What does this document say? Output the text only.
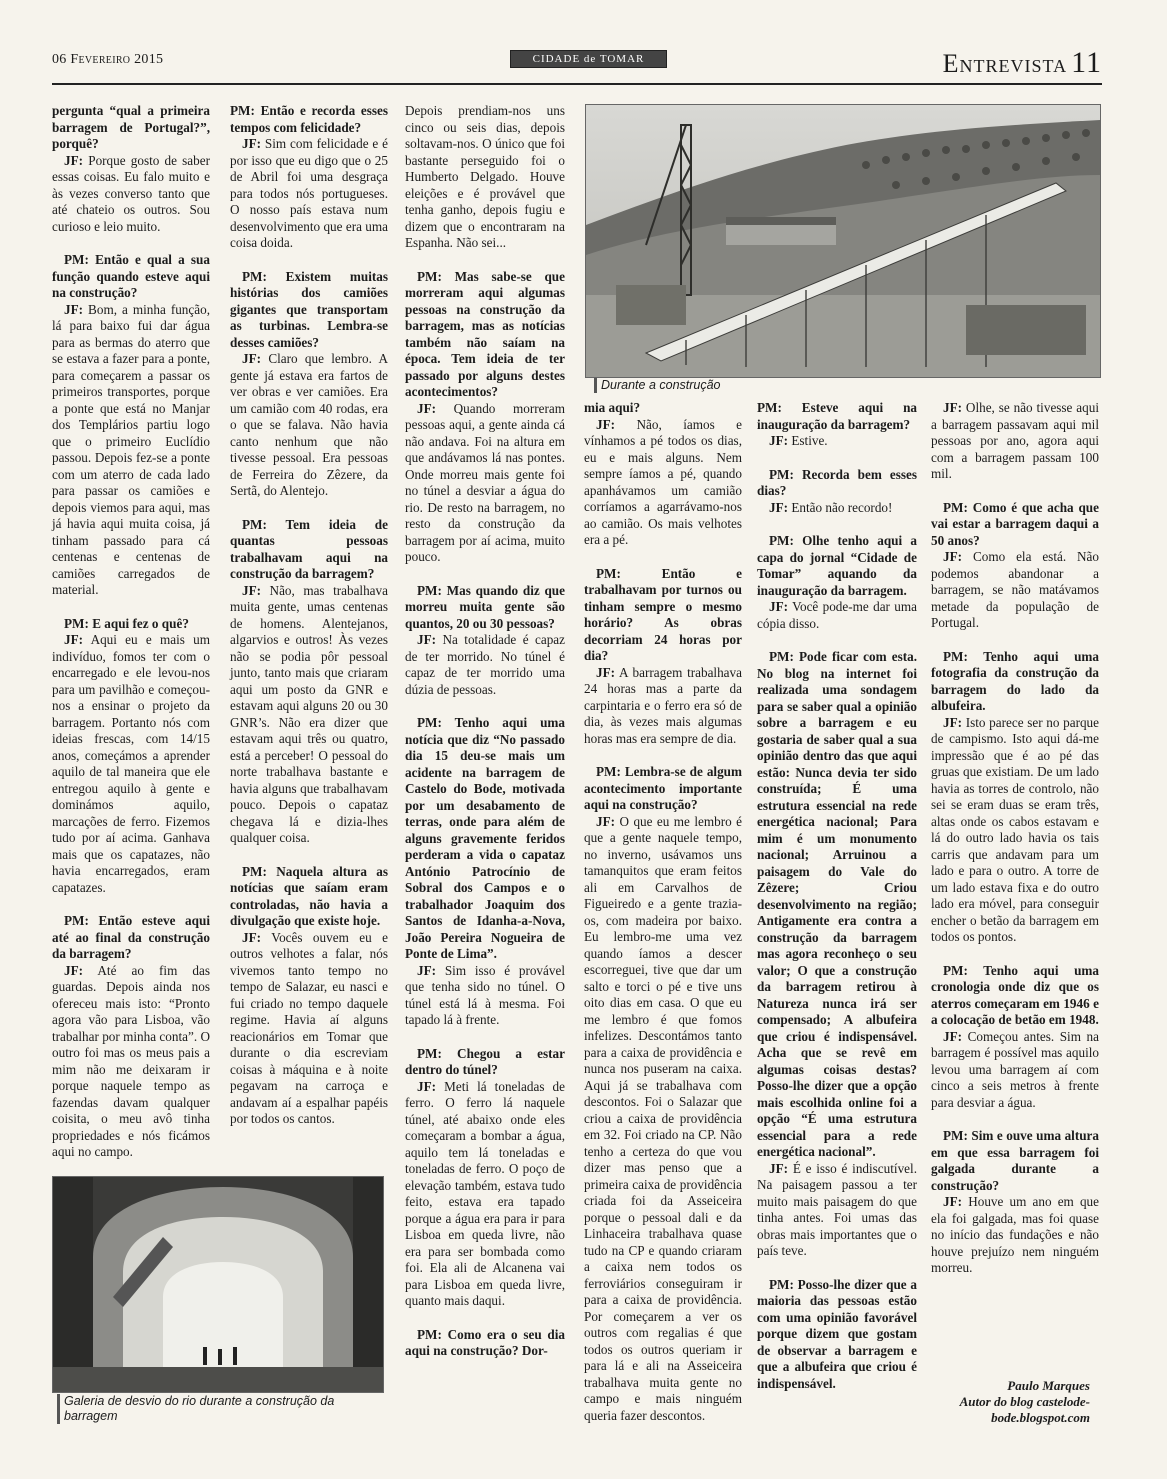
06 Fevereiro 2015	CIDADE de TOMAR	Entrevista 11

pergunta “qual a primeira barragem de Portugal?”, porquê?

JF: Porque gosto de saber essas coisas. Eu falo muito e às vezes converso tanto que até chateio os outros. Sou curioso e leio muito.

PM: Então e qual a sua função quando esteve aqui na construção?

JF: Bom, a minha função, lá para baixo fui dar água para as bermas do aterro que se estava a fazer para a ponte, para começarem a passar os primeiros transportes, porque a ponte que está no Manjar dos Templários partiu logo que o primeiro Euclídio passou. Depois fez-se a ponte com um aterro de cada lado para passar os camiões e depois viemos para aqui, mas já havia aqui muita coisa, já tinham passado para cá centenas e centenas de camiões carregados de material.

PM: E aqui fez o quê?

JF: Aqui eu e mais um indivíduo, fomos ter com o encarregado e ele levou-nos para um pavilhão e começou-nos a ensinar o projeto da barragem. Portanto nós com ideias frescas, com 14/15 anos, começámos a aprender aquilo de tal maneira que ele entregou aquilo à gente e dominámos aquilo, marcações de ferro. Fizemos tudo por aí acima. Ganhava mais que os capatazes, não havia encarregados, eram capatazes.

PM: Então esteve aqui até ao final da construção da barragem?

JF: Até ao fim das guardas. Depois ainda nos ofereceu mais isto: “Pronto agora vão para Lisboa, vão trabalhar por minha conta”. O outro foi mas os meus pais a mim não me deixaram ir porque naquele tempo as fazendas davam qualquer coisita, o meu avô tinha propriedades e nós ficámos aqui no campo.

PM: Então e recorda esses tempos com felicidade?

JF: Sim com felicidade e é por isso que eu digo que o 25 de Abril foi uma desgraça para todos nós portugueses. O nosso país estava num desenvolvimento que era uma coisa doida.

PM: Existem muitas histórias dos camiões gigantes que transportam as turbinas. Lembra-se desses camiões?

JF: Claro que lembro. A gente já estava era fartos de ver obras e ver camiões. Era um camião com 40 rodas, era o que se falava. Não havia canto nenhum que não tivesse pessoal. Era pessoas de Ferreira do Zêzere, da Sertã, do Alentejo.

PM: Tem ideia de quantas pessoas trabalhavam aqui na construção da barragem?

JF: Não, mas trabalhava muita gente, umas centenas de homens. Alentejanos, algarvios e outros! Às vezes não se podia pôr pessoal junto, tanto mais que criaram aqui um posto da GNR e estavam aqui alguns 20 ou 30 GNR’s. Não era dizer que estavam aqui três ou quatro, está a perceber! O pessoal do norte trabalhava bastante e havia alguns que trabalhavam pouco. Depois o capataz chegava lá e dizia-lhes qualquer coisa.

PM: Naquela altura as notícias que saíam eram controladas, não havia a divulgação que existe hoje.

JF: Vocês ouvem eu e outros velhotes a falar, nós vivemos tanto tempo no tempo de Salazar, eu nasci e fui criado no tempo daquele regime. Havia aí alguns reacionários em Tomar que durante o dia escreviam coisas à máquina e à noite pegavam na carroça e andavam aí a espalhar papéis por todos os cantos.

Depois prendiam-nos uns cinco ou seis dias, depois soltavam-nos. O único que foi bastante perseguido foi o Humberto Delgado. Houve eleições e é provável que tenha ganho, depois fugiu e dizem que o encontraram na Espanha. Não sei...

PM: Mas sabe-se que morreram aqui algumas pessoas na construção da barragem, mas as notícias também não saíam na época. Tem ideia de ter passado por alguns destes acontecimentos?

JF: Quando morreram pessoas aqui, a gente ainda cá não andava. Foi na altura em que andávamos lá nas pontes. Onde morreu mais gente foi no túnel a desviar a água do rio. De resto na barragem, no resto da construção da barragem por aí acima, muito pouco.

PM: Mas quando diz que morreu muita gente são quantos, 20 ou 30 pessoas?

JF: Na totalidade é capaz de ter morrido. No túnel é capaz de ter morrido uma dúzia de pessoas.

PM: Tenho aqui uma notícia que diz “No passado dia 15 deu-se mais um acidente na barragem de Castelo do Bode, motivada por um desabamento de terras, onde para além de alguns gravemente feridos perderam a vida o capataz António Patrocínio de Sobral dos Campos e o trabalhador Joaquim dos Santos de Idanha-a-Nova, João Pereira Nogueira de Ponte de Lima”.

JF: Sim isso é provável que tenha sido no túnel. O túnel está lá à mesma. Foi tapado lá à frente.

PM: Chegou a estar dentro do túnel?

JF: Meti lá toneladas de ferro. O ferro lá naquele túnel, até abaixo onde eles começaram a bombar a água, aquilo tem lá toneladas e toneladas de ferro. O poço de elevação também, estava tudo feito, estava era tapado porque a água era para ir para Lisboa em queda livre, não era para ser bombada como foi. Ela ali de Alcanena vai para Lisboa em queda livre, quanto mais daqui.

PM: Como era o seu dia aqui na construção? Dor-

mia aqui?

JF: Não, íamos e vínhamos a pé todos os dias, eu e mais alguns. Nem sempre íamos a pé, quando apanhávamos um camião corríamos a agarrávamo-nos ao camião. Os mais velhotes era a pé.

PM: Então e trabalhavam por turnos ou tinham sempre o mesmo horário? As obras decorriam 24 horas por dia?

JF: A barragem trabalhava 24 horas mas a parte da carpintaria e o ferro era só de dia, às vezes mais algumas horas mas era sempre de dia.

PM: Lembra-se de algum acontecimento importante aqui na construção?

JF: O que eu me lembro é que a gente naquele tempo, no inverno, usávamos uns tamanquitos que eram feitos ali em Carvalhos de Figueiredo e a gente trazia-os, com madeira por baixo. Eu lembro-me uma vez quando íamos a descer escorreguei, tive que dar um salto e torci o pé e tive uns oito dias em casa. O que eu me lembro é que fomos infelizes. Descontámos tanto para a caixa de providência e nunca nos puseram na caixa. Aqui já se trabalhava com descontos. Foi o Salazar que criou a caixa de providência em 32. Foi criado na CP. Não tenho a certeza do que vou dizer mas penso que a primeira caixa de providência criada foi da Asseiceira porque o pessoal dali e da Linhaceira trabalhava quase tudo na CP e quando criaram a caixa nem todos os ferroviários conseguiram ir para a caixa de providência. Por começarem a ver os outros com regalias é que todos os outros queriam ir para lá e ali na Asseiceira trabalhava muita gente no campo e mais ninguém queria fazer descontos.

PM: Esteve aqui na inauguração da barragem?

JF: Estive.

PM: Recorda bem esses dias?

JF: Então não recordo!

PM: Olhe tenho aqui a capa do jornal “Cidade de Tomar” aquando da inauguração da barragem.

JF: Você pode-me dar uma cópia disso.

PM: Pode ficar com esta. No blog na internet foi realizada uma sondagem para se saber qual a opinião sobre a barragem e eu gostaria de saber qual a sua opinião dentro das que aqui estão: Nunca devia ter sido construída; É uma estrutura essencial na rede energética nacional; Para mim é um monumento nacional; Arruinou a paisagem do Vale do Zêzere; Criou desenvolvimento na região; Antigamente era contra a construção da barragem mas agora reconheço o seu valor; O que a construção da barragem retirou à Natureza nunca irá ser compensado; A albufeira que criou é indispensável. Acha que se revê em algumas coisas destas? Posso-lhe dizer que a opção mais escolhida online foi a opção “É uma estrutura essencial para a rede energética nacional”.

JF: É e isso é indiscutível. Na paisagem passou a ter muito mais paisagem do que tinha antes. Foi umas das obras mais importantes que o país teve.

PM: Posso-lhe dizer que a maioria das pessoas estão com uma opinião favorável porque dizem que gostam de observar a barragem e que a albufeira que criou é indispensável.

JF: Olhe, se não tivesse aqui a barragem passavam aqui mil pessoas por ano, agora aqui com a barragem passam 100 mil.

PM: Como é que acha que vai estar a barragem daqui a 50 anos?

JF: Como ela está. Não podemos abandonar a barragem, se não matávamos metade da população de Portugal.

PM: Tenho aqui uma fotografia da construção da barragem do lado da albufeira.

JF: Isto parece ser no parque de campismo. Isto aqui dá-me impressão que é ao pé das gruas que existiam. De um lado havia as torres de controlo, não sei se eram duas se eram três, altas onde os cabos estavam e lá do outro lado havia os tais carris que andavam para um lado e para o outro. A torre de um lado estava fixa e do outro lado era móvel, para conseguir encher o betão da barragem em todos os pontos.

PM: Tenho aqui uma cronologia onde diz que os aterros começaram em 1946 e a colocação de betão em 1948.

JF: Começou antes. Sim na barragem é possível mas aquilo levou uma barragem aí com cinco a seis metros à frente para desviar a água.

PM: Sim e ouve uma altura em que essa barragem foi galgada durante a construção?

JF: Houve um ano em que ela foi galgada, mas foi quase no início das fundações e não houve prejuízo nem ninguém morreu.

Durante a construção
Galeria de desvio do rio durante a construção da barragem
Paulo Marques
Autor do blog castelode-
bode.blogspot.com
